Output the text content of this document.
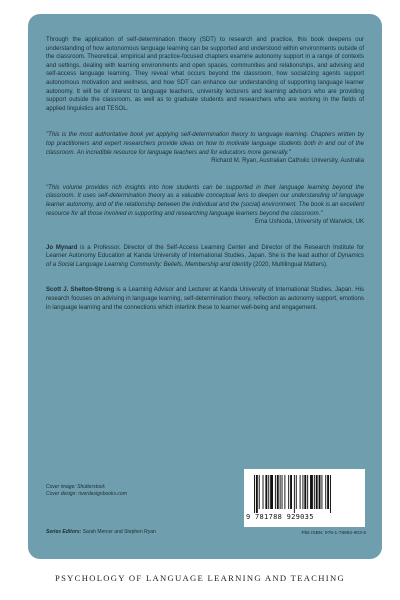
Through the application of self-determination theory (SDT) to research and practice, this book deepens our understanding of how autonomous language learning can be supported and understood within environments outside of the classroom. Theoretical, empirical and practice-focused chapters examine autonomy support in a range of contexts and settings, dealing with learning environments and open spaces, communities and relationships, and advising and self-access language learning. They reveal what occurs beyond the classroom, how socializing agents support autonomous motivation and wellness, and how SDT can enhance our understanding of supporting language learner autonomy. It will be of interest to language teachers, university lecturers and learning advisors who are providing support outside the classroom, as well as to graduate students and researchers who are working in the fields of applied linguistics and TESOL.

"This is the most authoritative book yet applying self-determination theory to language learning. Chapters written by top practitioners and expert researchers provide ideas on how to motivate language students both in and out of the classroom. An incredible resource for language teachers and for educators more generally."

Richard M. Ryan, Australian Catholic University, Australia

"This volume provides rich insights into how students can be supported in their language learning beyond the classroom. It uses self-determination theory as a valuable conceptual lens to deepen our understanding of language learner autonomy, and of the relationship between the individual and the (social) environment. The book is an excellent resource for all those involved in supporting and researching language learners beyond the classroom."

Ema Ushioda, University of Warwick, UK

Jo Mynard is a Professor, Director of the Self-Access Learning Center and Director of the Research Institute for Learner Autonomy Education at Kanda University of International Studies, Japan. She is the lead author of Dynamics of a Social Language Learning Community: Beliefs, Membership and Identity (2020, Multilingual Matters).

Scott J. Shelton-Strong is a Learning Advisor and Lecturer at Kanda University of International Studies, Japan. His research focuses on advising in language learning, self-determination theory, reflection as autonomy support, emotions in language learning and the connections which interlink these to learner well-being and engagement.

Cover image: Shutterstock
Cover design: riverdesignbooks.com
Series Editors: Sarah Mercer and Stephen Ryan
9 781788 929035
Pbk ISBN: 978-1-78892-903-5
PSYCHOLOGY OF LANGUAGE LEARNING AND TEACHING
